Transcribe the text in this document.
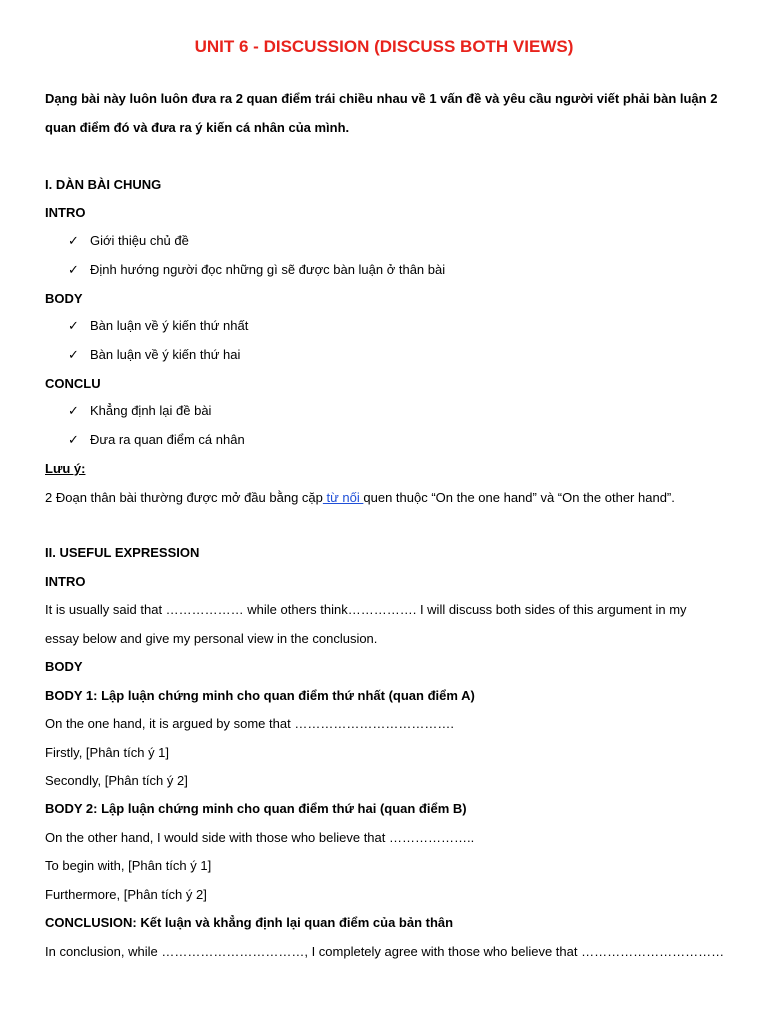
UNIT 6 - DISCUSSION (DISCUSS BOTH VIEWS)
Dạng bài này luôn luôn đưa ra 2 quan điểm trái chiều nhau về 1 vấn đề và yêu cầu người viết phải bàn luận 2
quan điểm đó và đưa ra ý kiến cá nhân của mình.
I. DÀN BÀI CHUNG
INTRO
✓ Giới thiệu chủ đề
✓ Định hướng người đọc những gì sẽ được bàn luận ở thân bài
BODY
✓ Bàn luận về ý kiến thứ nhất
✓ Bàn luận về ý kiến thứ hai
CONCLU
✓ Khẳng định lại đề bài
✓ Đưa ra quan điểm cá nhân
Lưu ý:
2 Đoạn thân bài thường được mở đầu bằng cặp từ nối quen thuộc “On the one hand” và “On the other hand”.
II. USEFUL EXPRESSION
INTRO
It is usually said that ……………… while others think……………. I will discuss both sides of this argument in my
essay below and give my personal view in the conclusion.
BODY
BODY 1: Lập luận chứng minh cho quan điểm thứ nhất (quan điểm A)
On the one hand, it is argued by some that ……………………………….
Firstly, [Phân tích ý 1]
Secondly, [Phân tích ý 2]
BODY 2: Lập luận chứng minh cho quan điểm thứ hai (quan điểm B)
On the other hand, I would side with those who believe that ………………..
To begin with, [Phân tích ý 1]
Furthermore, [Phân tích ý 2]
CONCLUSION: Kết luận và khẳng định lại quan điểm của bản thân
In conclusion, while ……………………………, I completely agree with those who believe that ……………………………
